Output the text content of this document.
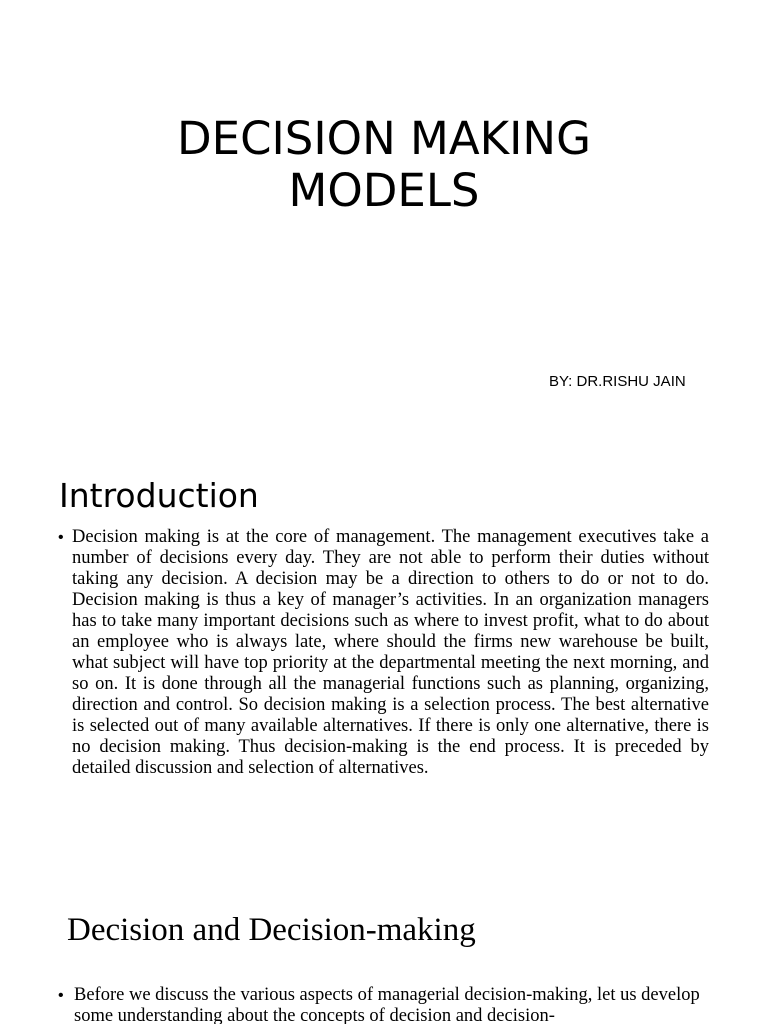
DECISION MAKING
MODELS
BY: DR.RISHU JAIN
Introduction
• Decision making is at the core of management. The management executives take a number of decisions every day. They are not able to perform their duties without taking any decision. A decision may be a direction to others to do or not to do. Decision making is thus a key of manager’s activities. In an organization managers has to take many important decisions such as where to invest profit, what to do about an employee who is always late, where should the firms new warehouse be built, what subject will have top priority at the departmental meeting the next morning, and so on. It is done through all the managerial functions such as planning, organizing, direction and control. So decision making is a selection process. The best alternative is selected out of many available alternatives. If there is only one alternative, there is no decision making. Thus decision-making is the end process. It is preceded by detailed discussion and selection of alternatives.
Decision and Decision-making
• Before we discuss the various aspects of managerial decision-making, let us develop some understanding about the concepts of decision and decision-
